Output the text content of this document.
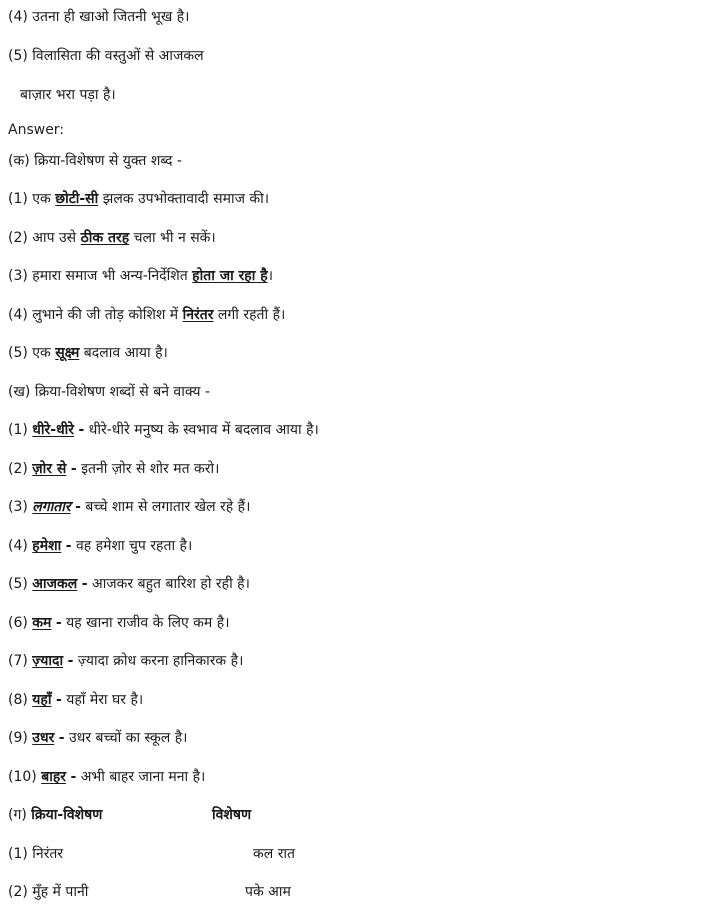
(4) उतना ही खाओ जितनी भूख है।
(5) विलासिता की वस्तुओं से आजकल
बाज़ार भरा पड़ा है।
Answer:
(क) क्रिया-विशेषण से युक्त शब्द -
(1) एक छोटी-सी झलक उपभोक्तावादी समाज की।
(2) आप उसे ठीक तरह चला भी न सकें।
(3) हमारा समाज भी अन्य-निर्देशित होता जा रहा है।
(4) लुभाने की जी तोड़ कोशिश में निरंतर लगी रहती हैं।
(5) एक सूक्ष्म बदलाव आया है।
(ख) क्रिया-विशेषण शब्दों से बने वाक्य -
(1) धीरे-धीरे - धीरे-धीरे मनुष्य के स्वभाव में बदलाव आया है।
(2) ज़ोर से - इतनी ज़ोर से शोर मत करो।
(3) लगातार - बच्चे शाम से लगातार खेल रहे हैं।
(4) हमेशा - वह हमेशा चुप रहता है।
(5) आजकल - आजकर बहुत बारिश हो रही है।
(6) कम - यह खाना राजीव के लिए कम है।
(7) ज़्यादा - ज़्यादा क्रोध करना हानिकारक है।
(8) यहाँ - यहाँ मेरा घर है।
(9) उधर - उधर बच्चों का स्कूल है।
(10) बाहर - अभी बाहर जाना मना है।
(ग) क्रिया-विशेषण	विशेषण
(1) निरंतर	कल रात
(2) मुँह में पानी	पके आम
